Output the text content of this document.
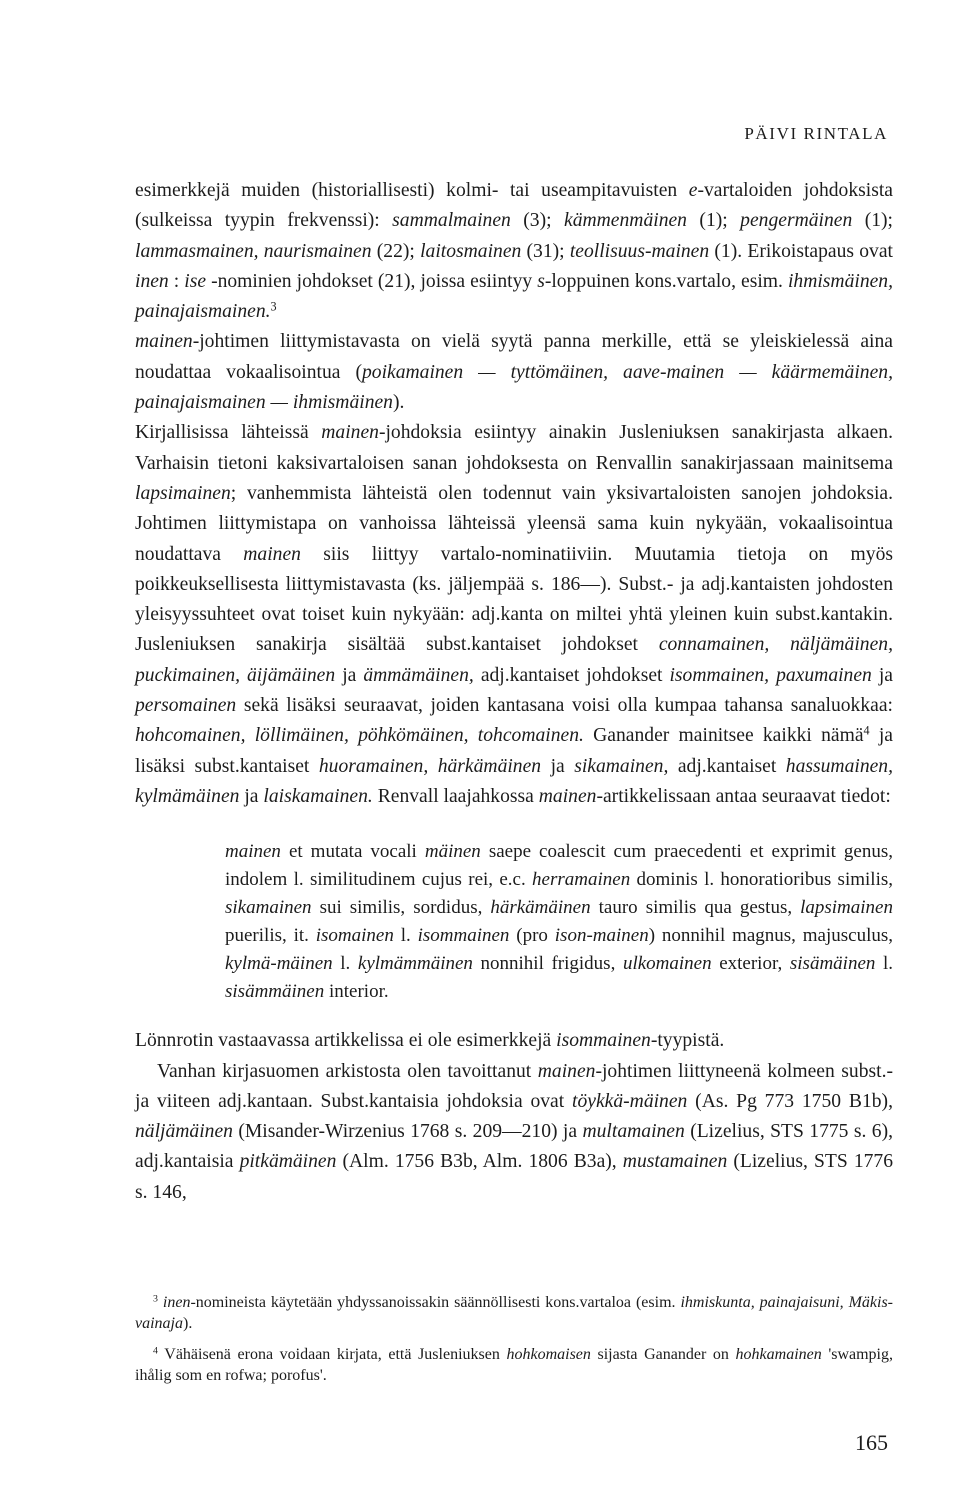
PÄIVI RINTALA

esimerkkejä muiden (historiallisesti) kolmi- tai useampitavuisten e-vartaloiden johdoksista (sulkeissa tyypin frekvenssi): sammalmainen (3); kämmenmäinen (1); pengermäinen (1); lammasmainen, naurismainen (22); laitosmainen (31); teollisuus-mainen (1). Erikoistapaus ovat inen : ise -nominien johdokset (21), joissa esiintyy s-loppuinen kons.vartalo, esim. ihmismäinen, painajaismainen.$^3$

mainen-johtimen liittymistavasta on vielä syytä panna merkille, että se yleiskielessä aina noudattaa vokaalisointua (poikamainen — tyttömäinen, aave-mainen — käärmemäinen, painajaismainen — ihmismäinen).

Kirjallisissa lähteissä mainen-johdoksia esiintyy ainakin Jusleniuksen sanakirjasta alkaen. Varhaisin tietoni kaksivartaloisen sanan johdoksesta on Renvallin sanakirjassaan mainitsema lapsimainen; vanhemmista lähteistä olen todennut vain yksivartaloisten sanojen johdoksia. Johtimen liittymistapa on vanhoissa lähteissä yleensä sama kuin nykyään, vokaalisointua noudattava mainen siis liittyy vartalo-nominatiiviin. Muutamia tietoja on myös poikkeuksellisesta liittymistavasta (ks. jäljempää s. 186—). Subst.- ja adj.kantaisten johdosten yleisyyssuhteet ovat toiset kuin nykyään: adj.kanta on miltei yhtä yleinen kuin subst.kantakin. Jusleniuksen sanakirja sisältää subst.kantaiset johdokset connamainen, näljämäinen, puckimainen, äijämäinen ja ämmämäinen, adj.kantaiset johdokset isommainen, paxumainen ja persomainen sekä lisäksi seuraavat, joiden kantasana voisi olla kumpaa tahansa sanaluokkaa: hohcomainen, löllimäinen, pöhkömäinen, tohcomainen. Ganander mainitsee kaikki nämä$^4$ ja lisäksi subst.kantaiset huoramainen, härkämäinen ja sikamainen, adj.kantaiset hassumainen, kylmämäinen ja laiskamainen. Renvall laajahkossa mainen-artikkelissaan antaa seuraavat tiedot:

mainen et mutata vocali mäinen saepe coalescit cum praecedenti et exprimit genus, indolem l. similitudinem cujus rei, e.c. herramainen dominis l. honoratioribus similis, sikamainen sui similis, sordidus, härkämäinen tauro similis qua gestus, lapsimainen puerilis, it. isomainen l. isommainen (pro ison-mainen) nonnihil magnus, majusculus, kylmä-mäinen l. kylmämmäinen nonnihil frigidus, ulkomainen exterior, sisämäinen l. sisämmäinen interior.

Lönnrotin vastaavassa artikkelissa ei ole esimerkkejä isommainen-tyypistä.

Vanhan kirjasuomen arkistosta olen tavoittanut mainen-johtimen liittyneenä kolmeen subst.- ja viiteen adj.kantaan. Subst.kantaisia johdoksia ovat töykkä-mäinen (As. Pg 773 1750 B1b), näljämäinen (Misander-Wirzenius 1768 s. 209—210) ja multamainen (Lizelius, STS 1775 s. 6), adj.kantaisia pitkämäinen (Alm. 1756 B3b, Alm. 1806 B3a), mustamainen (Lizelius, STS 1776 s. 146,

$^3$ inen-nomineista käytetään yhdyssanoissakin säännöllisesti kons.vartaloa (esim. ihmiskunta, painajaisuni, Mäkis-vainaja).

$^4$ Vähäisenä erona voidaan kirjata, että Jusleniuksen hohkomaisen sijasta Ganander on hohkamainen 'swampig, ihålig som en rofwa; porofus'.

165
